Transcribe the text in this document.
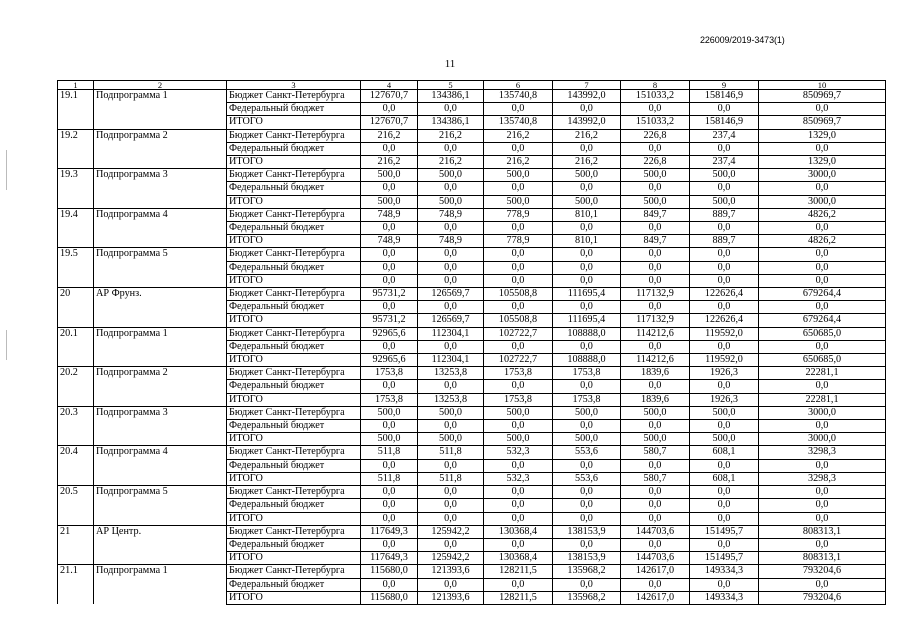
226009/2019-3473(1)
11
1	2	3	4	5	6	7	8	9	10
19.1	Подпрограмма 1	Бюджет Санкт-Петербурга	127670,7	134386,1	135740,8	143992,0	151033,2	158146,9	850969,7
		Федеральный бюджет	0,0	0,0	0,0	0,0	0,0	0,0	0,0
		ИТОГО	127670,7	134386,1	135740,8	143992,0	151033,2	158146,9	850969,7
19.2	Подпрограмма 2	Бюджет Санкт-Петербурга	216,2	216,2	216,2	216,2	226,8	237,4	1329,0
		Федеральный бюджет	0,0	0,0	0,0	0,0	0,0	0,0	0,0
		ИТОГО	216,2	216,2	216,2	216,2	226,8	237,4	1329,0
19.3	Подпрограмма 3	Бюджет Санкт-Петербурга	500,0	500,0	500,0	500,0	500,0	500,0	3000,0
		Федеральный бюджет	0,0	0,0	0,0	0,0	0,0	0,0	0,0
		ИТОГО	500,0	500,0	500,0	500,0	500,0	500,0	3000,0
19.4	Подпрограмма 4	Бюджет Санкт-Петербурга	748,9	748,9	778,9	810,1	849,7	889,7	4826,2
		Федеральный бюджет	0,0	0,0	0,0	0,0	0,0	0,0	0,0
		ИТОГО	748,9	748,9	778,9	810,1	849,7	889,7	4826,2
19.5	Подпрограмма 5	Бюджет Санкт-Петербурга	0,0	0,0	0,0	0,0	0,0	0,0	0,0
		Федеральный бюджет	0,0	0,0	0,0	0,0	0,0	0,0	0,0
		ИТОГО	0,0	0,0	0,0	0,0	0,0	0,0	0,0
20	АР Фрунз.	Бюджет Санкт-Петербурга	95731,2	126569,7	105508,8	111695,4	117132,9	122626,4	679264,4
		Федеральный бюджет	0,0	0,0	0,0	0,0	0,0	0,0	0,0
		ИТОГО	95731,2	126569,7	105508,8	111695,4	117132,9	122626,4	679264,4
20.1	Подпрограмма 1	Бюджет Санкт-Петербурга	92965,6	112304,1	102722,7	108888,0	114212,6	119592,0	650685,0
		Федеральный бюджет	0,0	0,0	0,0	0,0	0,0	0,0	0,0
		ИТОГО	92965,6	112304,1	102722,7	108888,0	114212,6	119592,0	650685,0
20.2	Подпрограмма 2	Бюджет Санкт-Петербурга	1753,8	13253,8	1753,8	1753,8	1839,6	1926,3	22281,1
		Федеральный бюджет	0,0	0,0	0,0	0,0	0,0	0,0	0,0
		ИТОГО	1753,8	13253,8	1753,8	1753,8	1839,6	1926,3	22281,1
20.3	Подпрограмма 3	Бюджет Санкт-Петербурга	500,0	500,0	500,0	500,0	500,0	500,0	3000,0
		Федеральный бюджет	0,0	0,0	0,0	0,0	0,0	0,0	0,0
		ИТОГО	500,0	500,0	500,0	500,0	500,0	500,0	3000,0
20.4	Подпрограмма 4	Бюджет Санкт-Петербурга	511,8	511,8	532,3	553,6	580,7	608,1	3298,3
		Федеральный бюджет	0,0	0,0	0,0	0,0	0,0	0,0	0,0
		ИТОГО	511,8	511,8	532,3	553,6	580,7	608,1	3298,3
20.5	Подпрограмма 5	Бюджет Санкт-Петербурга	0,0	0,0	0,0	0,0	0,0	0,0	0,0
		Федеральный бюджет	0,0	0,0	0,0	0,0	0,0	0,0	0,0
		ИТОГО	0,0	0,0	0,0	0,0	0,0	0,0	0,0
21	АР Центр.	Бюджет Санкт-Петербурга	117649,3	125942,2	130368,4	138153,9	144703,6	151495,7	808313,1
		Федеральный бюджет	0,0	0,0	0,0	0,0	0,0	0,0	0,0
		ИТОГО	117649,3	125942,2	130368,4	138153,9	144703,6	151495,7	808313,1
21.1	Подпрограмма 1	Бюджет Санкт-Петербурга	115680,0	121393,6	128211,5	135968,2	142617,0	149334,3	793204,6
		Федеральный бюджет	0,0	0,0	0,0	0,0	0,0	0,0	0,0
		ИТОГО	115680,0	121393,6	128211,5	135968,2	142617,0	149334,3	793204,6
